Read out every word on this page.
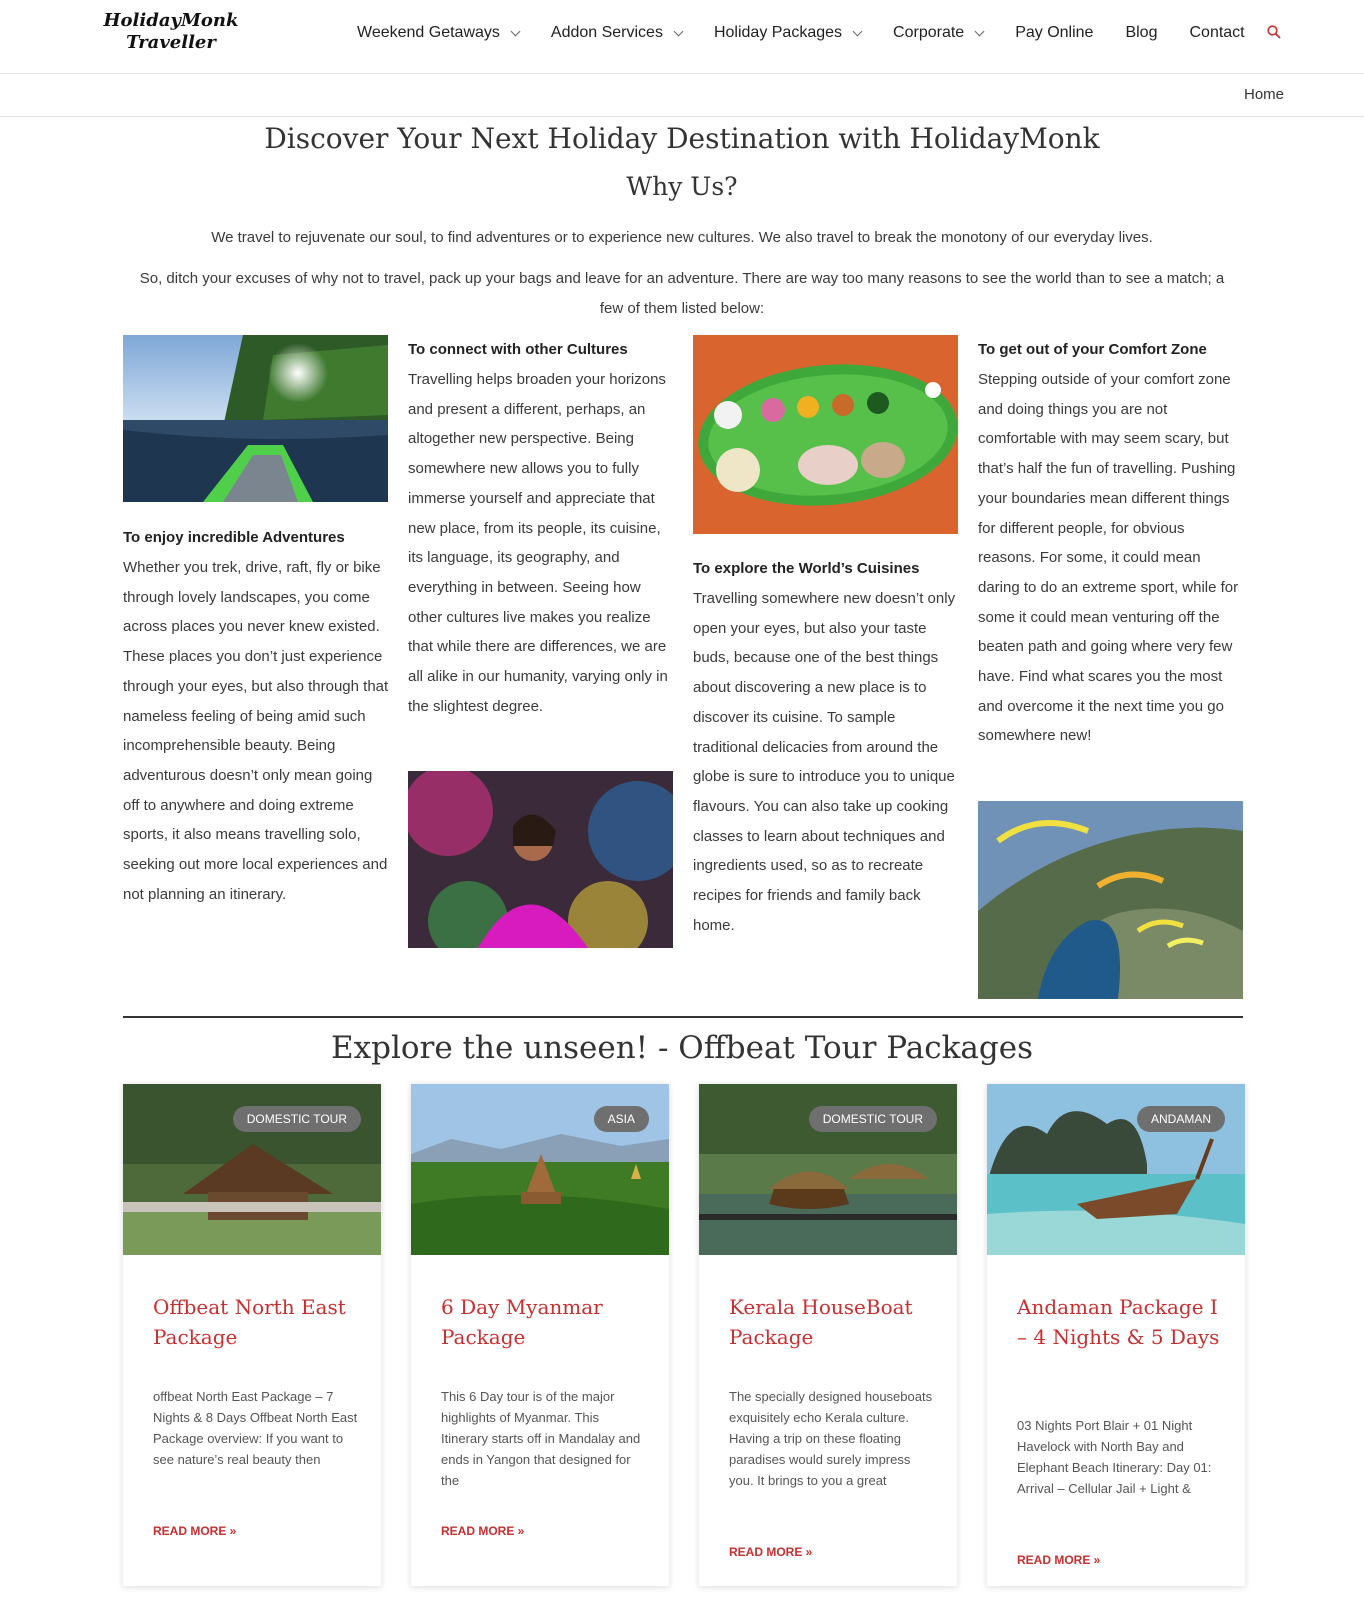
HolidayMonk
Traveller	Weekend Getaways	Addon Services	Holiday Packages	Corporate	Pay Online Blog Contact
Home
Discover Your Next Holiday Destination with HolidayMonk
Why Us?
We travel to rejuvenate our soul, to find adventures or to experience new cultures. We also travel to break the monotony of our everyday lives.
So, ditch your excuses of why not to travel, pack up your bags and leave for an adventure. There are way too many reasons to see the world than to see a match; a few of them listed below:
To enjoy incredible Adventures
Whether you trek, drive, raft, fly or bike through lovely landscapes, you come across places you never knew existed. These places you don’t just experience through your eyes, but also through that nameless feeling of being amid such incomprehensible beauty. Being adventurous doesn’t only mean going off to anywhere and doing extreme sports, it also means travelling solo, seeking out more local experiences and not planning an itinerary.
To connect with other Cultures
Travelling helps broaden your horizons and present a different, perhaps, an altogether new perspective. Being somewhere new allows you to fully immerse yourself and appreciate that new place, from its people, its cuisine, its language, its geography, and everything in between. Seeing how other cultures live makes you realize that while there are differences, we are all alike in our humanity, varying only in the slightest degree.
To explore the World’s Cuisines
Travelling somewhere new doesn’t only open your eyes, but also your taste buds, because one of the best things about discovering a new place is to discover its cuisine. To sample traditional delicacies from around the globe is sure to introduce you to unique flavours. You can also take up cooking classes to learn about techniques and ingredients used, so as to recreate recipes for friends and family back home.
To get out of your Comfort Zone
Stepping outside of your comfort zone and doing things you are not comfortable with may seem scary, but that’s half the fun of travelling. Pushing your boundaries mean different things for different people, for obvious reasons. For some, it could mean daring to do an extreme sport, while for some it could mean venturing off the beaten path and going where very few have. Find what scares you the most and overcome it the next time you go somewhere new!
Explore the unseen! - Offbeat Tour Packages
DOMESTIC TOUR
Offbeat North East Package
offbeat North East Package – 7 Nights & 8 Days Offbeat North East Package overview: If you want to see nature’s real beauty then
READ MORE »
ASIA
6 Day Myanmar Package
This 6 Day tour is of the major highlights of Myanmar. This Itinerary starts off in Mandalay and ends in Yangon that designed for the
READ MORE »
DOMESTIC TOUR
Kerala HouseBoat Package
The specially designed houseboats exquisitely echo Kerala culture. Having a trip on these floating paradises would surely impress you. It brings to you a great
READ MORE »
ANDAMAN
Andaman Package I – 4 Nights & 5 Days
03 Nights Port Blair + 01 Night Havelock with North Bay and Elephant Beach Itinerary: Day 01: Arrival – Cellular Jail + Light &
READ MORE »
